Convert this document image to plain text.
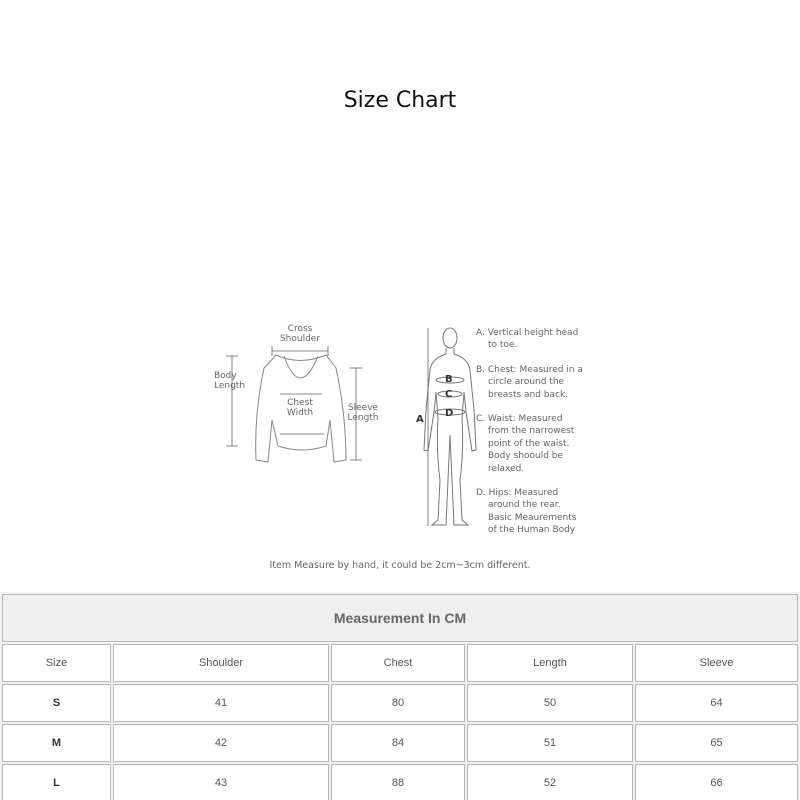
Size Chart
Cross
Shoulder
Body
Length
Chest
Width	Sleeve
Length	A
B
C
D
A. Vertical height head
to toe.
B. Chest: Measured in a
circle around the
breasts and back.
C. Waist: Measured
from the narrowest
point of the waist.
Body shoould be
relaxed.
D. Hips: Measured
around the rear.
Basic Meaurements
of the Human Body
Item Measure by hand, it could be 2cm~3cm different.
Measurement In CM
Size	Shoulder	Chest	Length	Sleeve
S	41	80	50	64
M	42	84	51	65
L	43	88	52	66
